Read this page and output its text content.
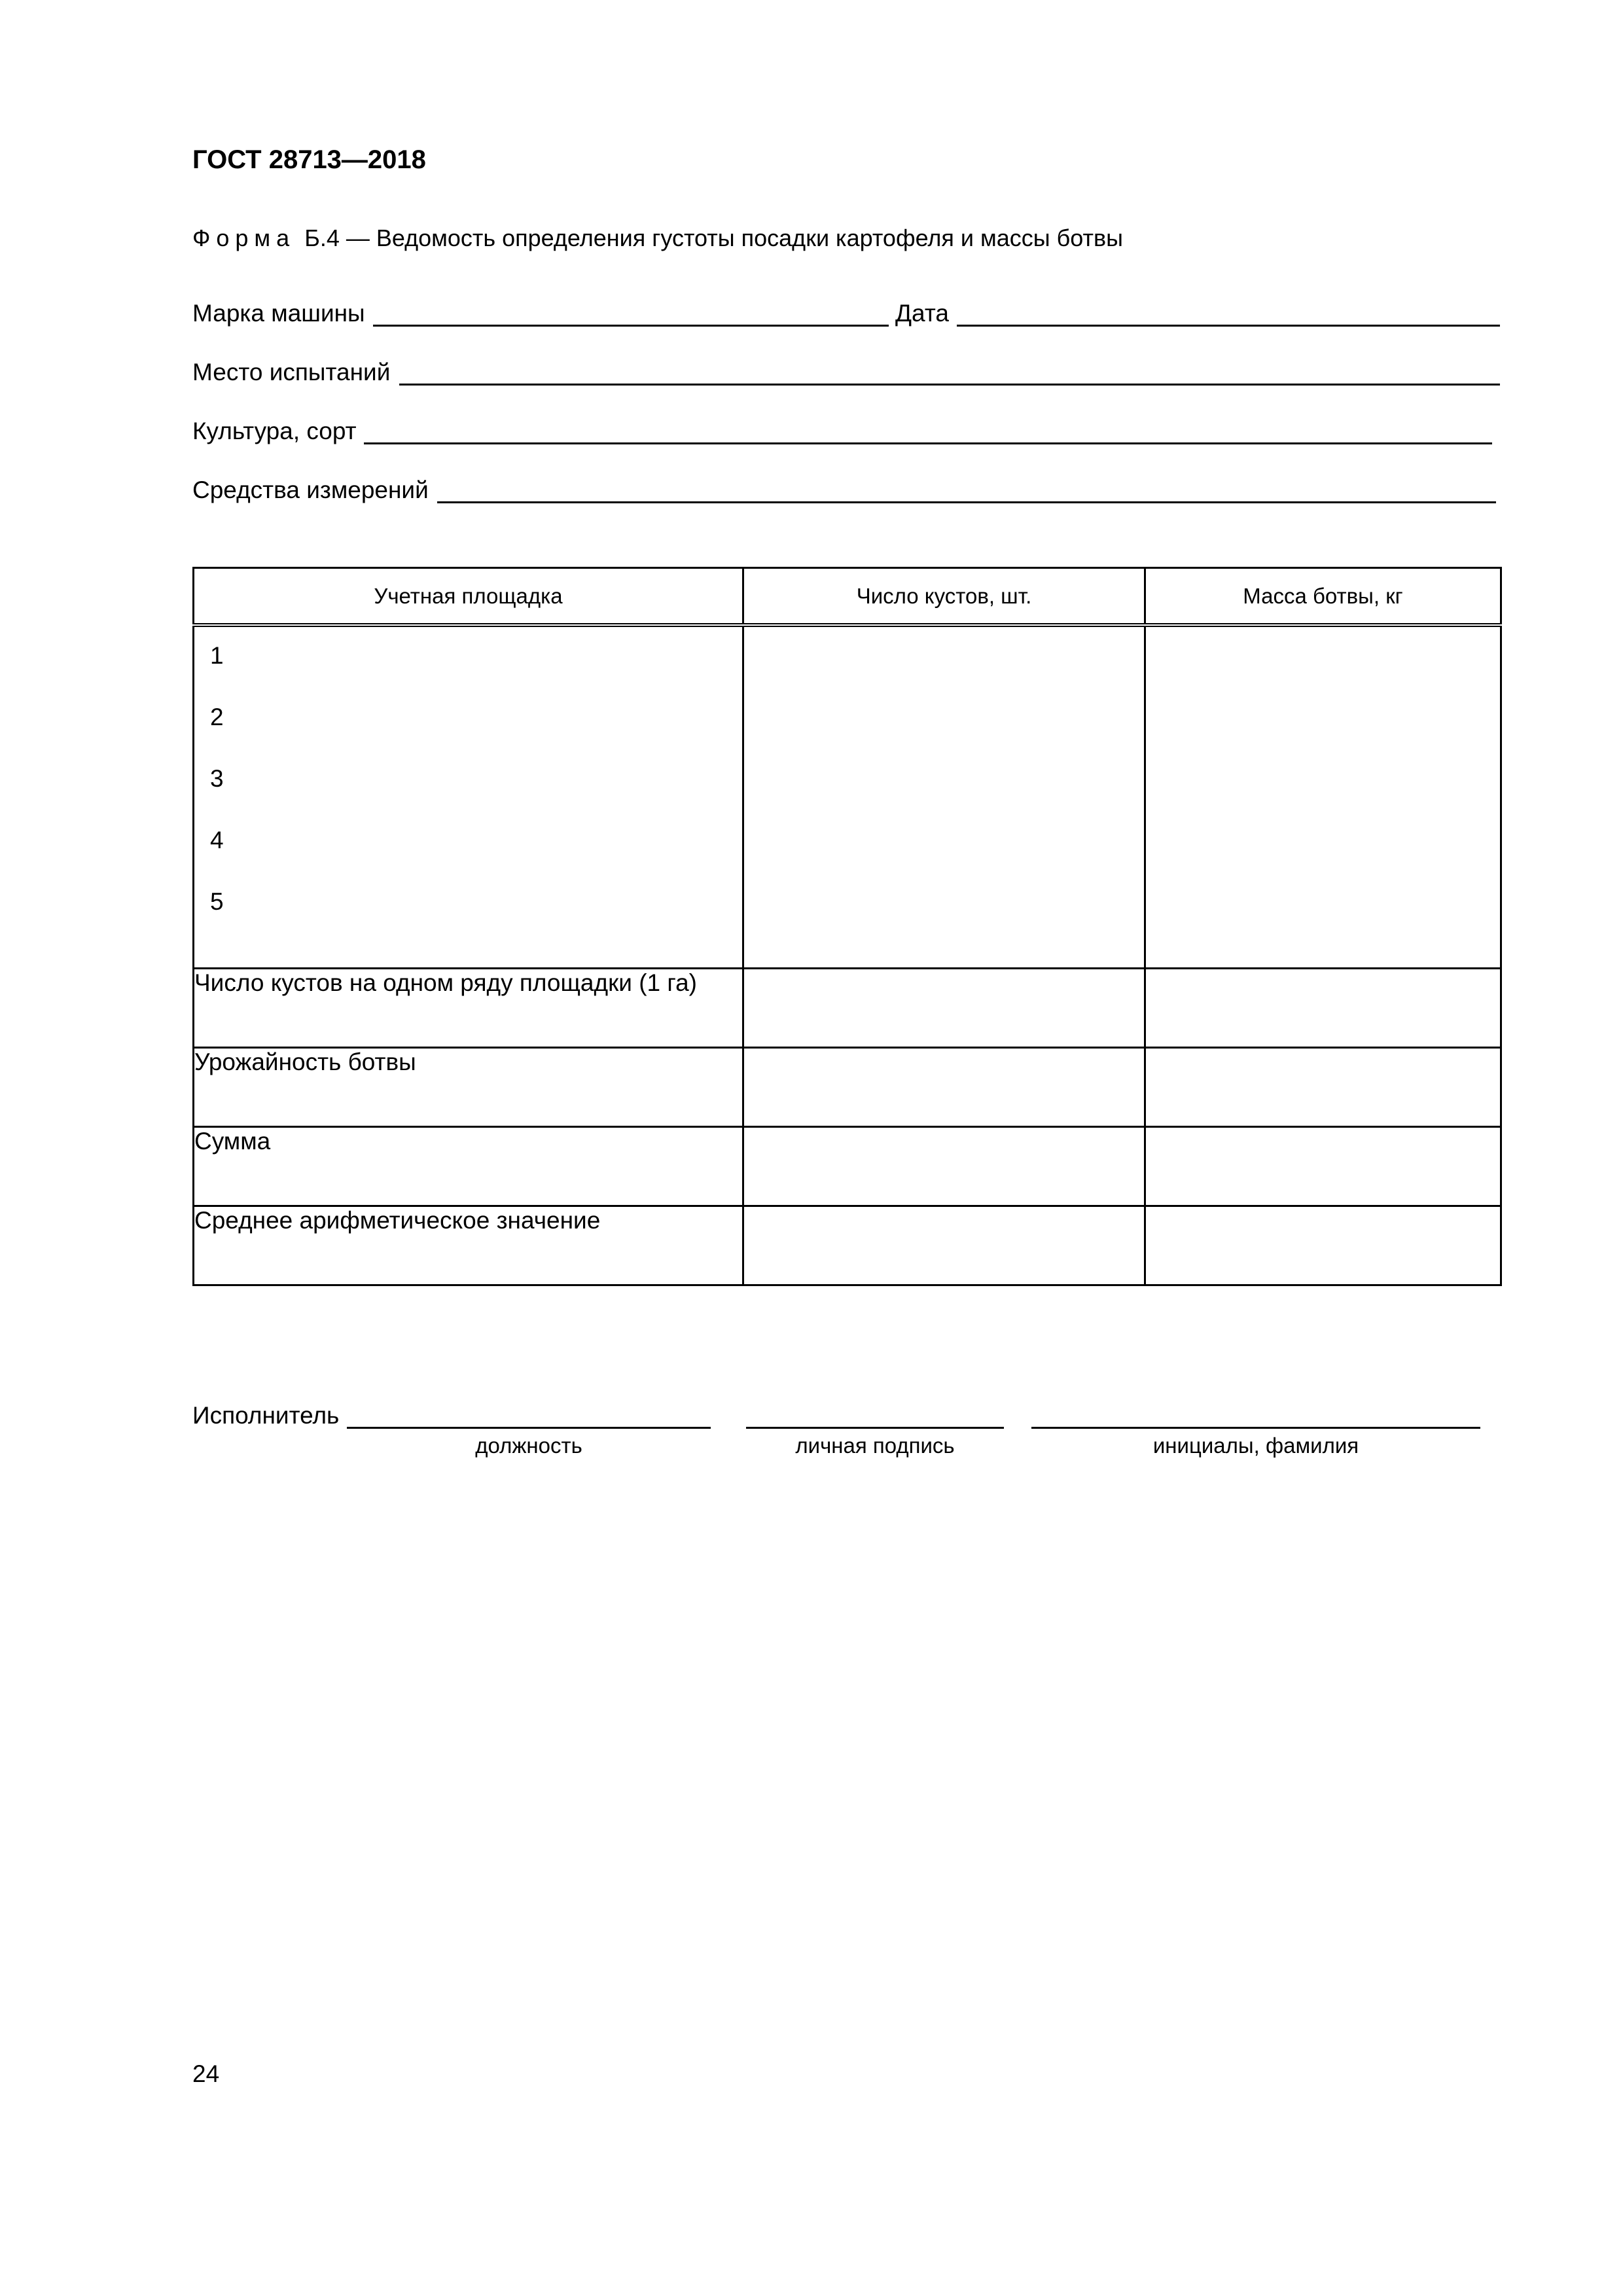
ГОСТ 28713—2018
Форма Б.4 — Ведомость определения густоты посадки картофеля и массы ботвы
Марка машины	Дата
Место испытаний
Культура, сорт
Средства измерений
Учетная площадка	Число кустов, шт.	Масса ботвы, кг

1
2
3
4
5		

Число кустов на одном ряду площадки (1 га)		
Урожайность ботвы		
Сумма		
Среднее арифметическое значение		
Исполнитель
должность	личная подпись	инициалы, фамилия
24
